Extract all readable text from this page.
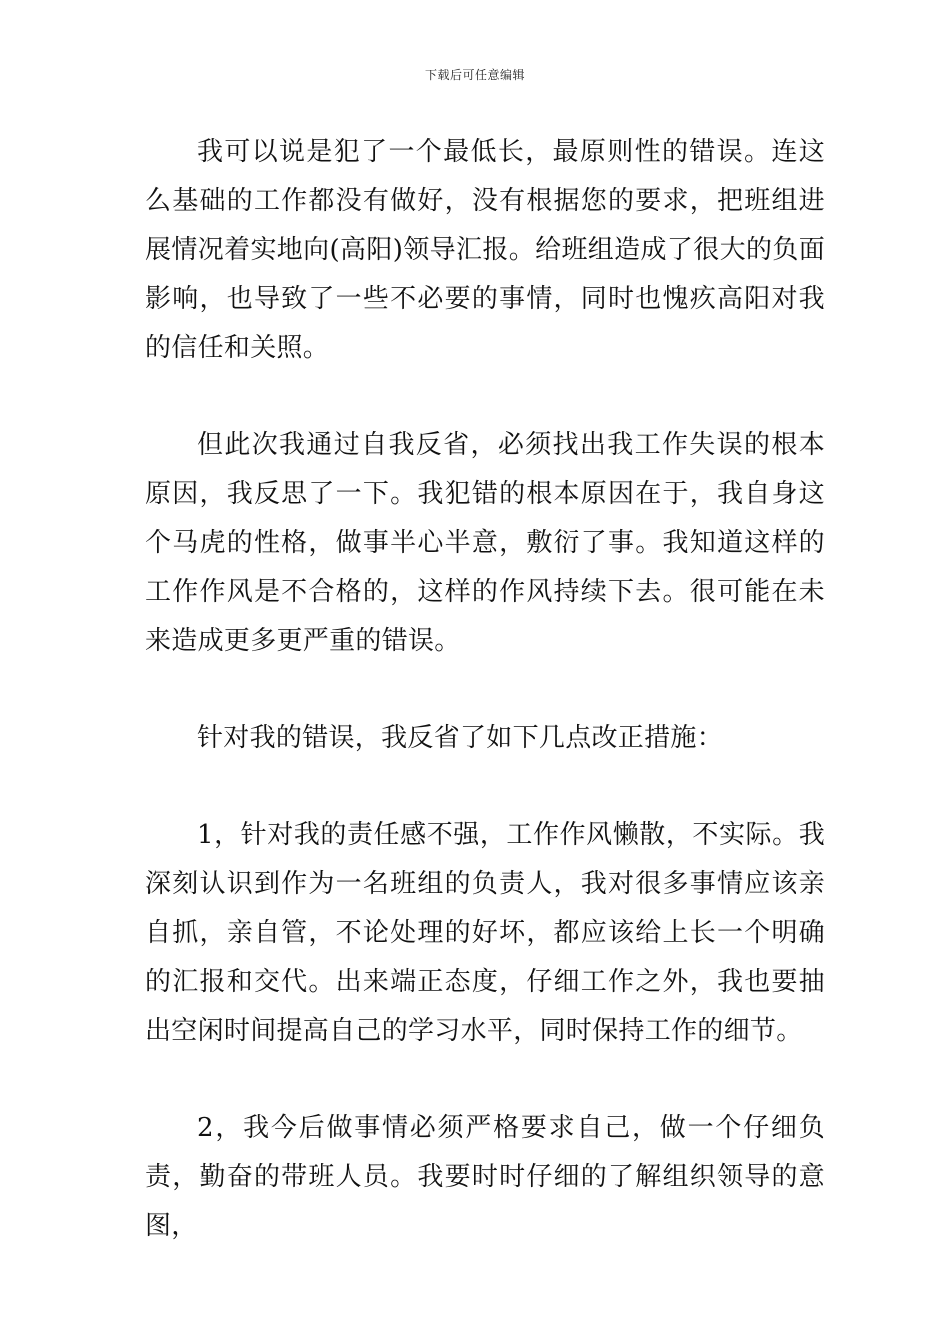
下载后可任意编辑

我可以说是犯了一个最低长，最原则性的错误。连这么基础的工作都没有做好，没有根据您的要求，把班组进展情况着实地向(高阳)领导汇报。给班组造成了很大的负面影响，也导致了一些不必要的事情，同时也愧疚高阳对我的信任和关照。

但此次我通过自我反省，必须找出我工作失误的根本原因，我反思了一下。我犯错的根本原因在于，我自身这个马虎的性格，做事半心半意，敷衍了事。我知道这样的工作作风是不合格的，这样的作风持续下去。很可能在未来造成更多更严重的错误。

针对我的错误，我反省了如下几点改正措施：

1，针对我的责任感不强，工作作风懒散，不实际。我深刻认识到作为一名班组的负责人，我对很多事情应该亲自抓，亲自管，不论处理的好坏，都应该给上长一个明确的汇报和交代。出来端正态度，仔细工作之外，我也要抽出空闲时间提高自己的学习水平，同时保持工作的细节。

2，我今后做事情必须严格要求自己，做一个仔细负责，勤奋的带班人员。我要时时仔细的了解组织领导的意图，
